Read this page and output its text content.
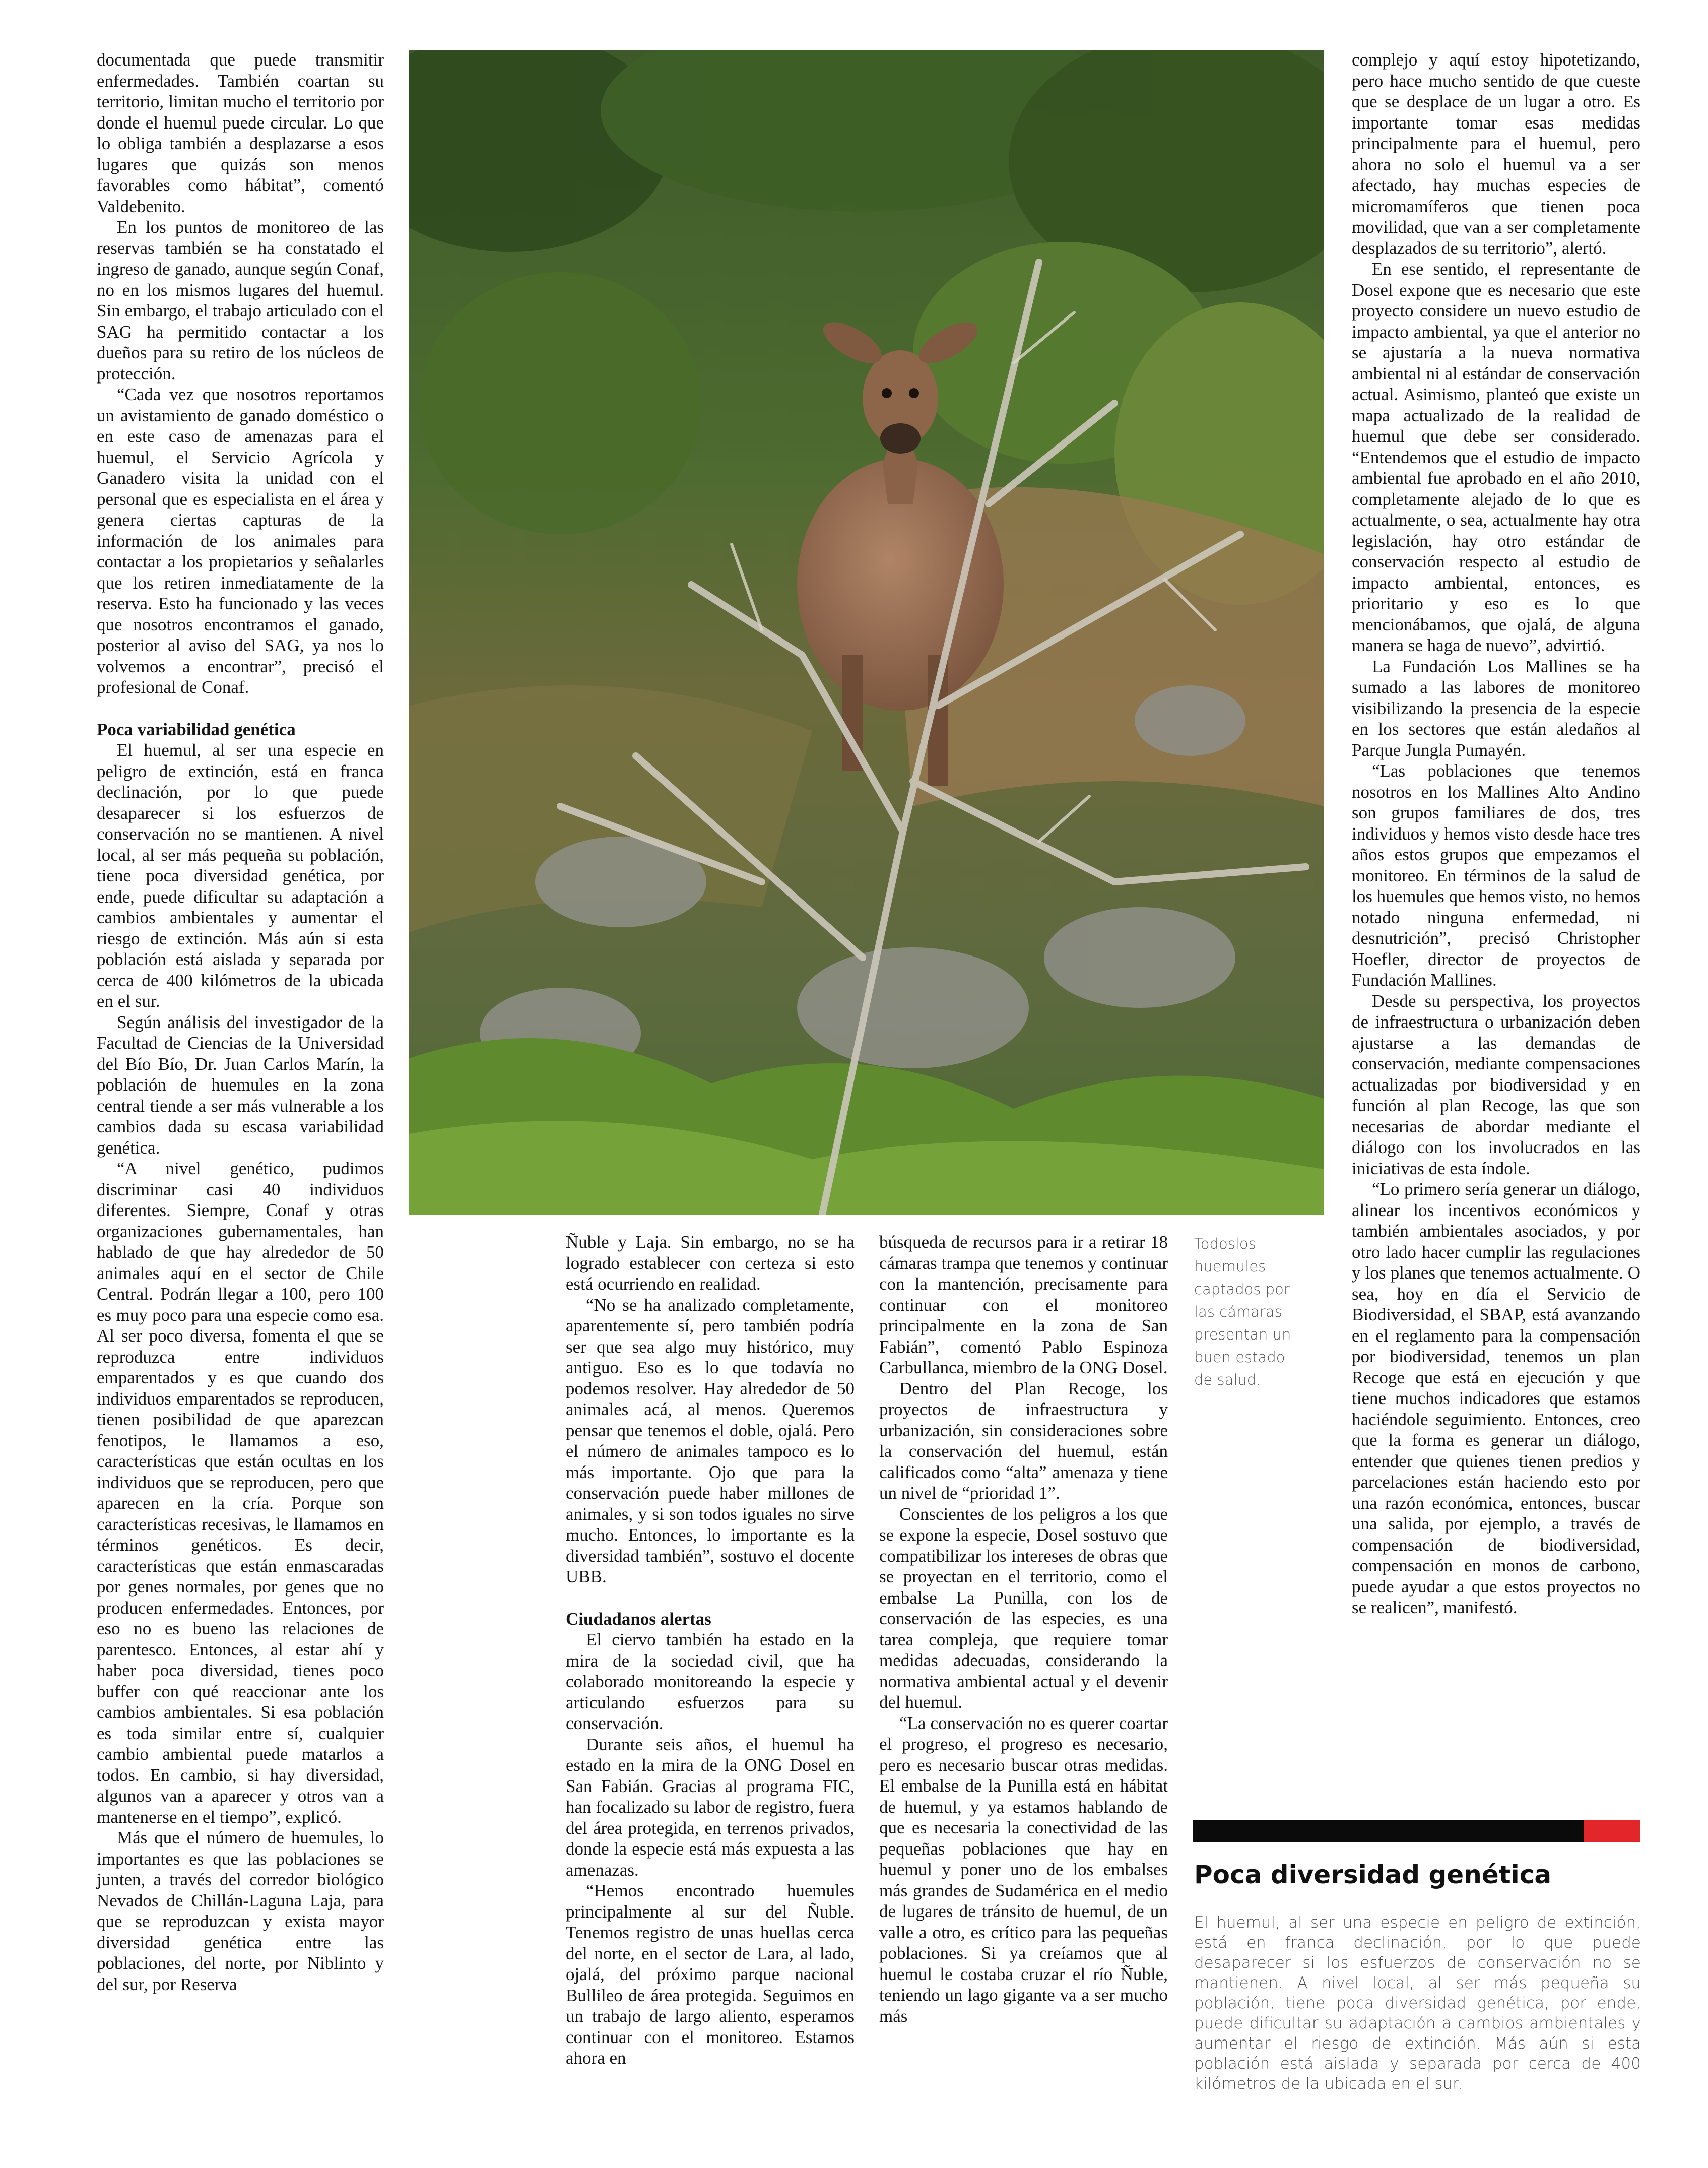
documentada que puede transmitir enfermedades. También coartan su territorio, limitan mucho el territorio por donde el huemul puede circular. Lo que lo obliga también a desplazarse a esos lugares que quizás son menos favorables como hábitat”, comentó Valdebenito.

En los puntos de monitoreo de las reservas también se ha constatado el ingreso de ganado, aunque según Conaf, no en los mismos lugares del huemul. Sin embargo, el trabajo articulado con el SAG ha permitido contactar a los dueños para su retiro de los núcleos de protección.

“Cada vez que nosotros reportamos un avistamiento de ganado doméstico o en este caso de amenazas para el huemul, el Servicio Agrícola y Ganadero visita la unidad con el personal que es especialista en el área y genera ciertas capturas de la información de los animales para contactar a los propietarios y señalarles que los retiren inmediatamente de la reserva. Esto ha funcionado y las veces que nosotros encontramos el ganado, posterior al aviso del SAG, ya nos lo volvemos a encontrar”, precisó el profesional de Conaf.

Poca variabilidad genética

El huemul, al ser una especie en peligro de extinción, está en franca declinación, por lo que puede desaparecer si los esfuerzos de conservación no se mantienen. A nivel local, al ser más pequeña su población, tiene poca diversidad genética, por ende, puede dificultar su adaptación a cambios ambientales y aumentar el riesgo de extinción. Más aún si esta población está aislada y separada por cerca de 400 kilómetros de la ubicada en el sur.

Según análisis del investigador de la Facultad de Ciencias de la Universidad del Bío Bío, Dr. Juan Carlos Marín, la población de huemules en la zona central tiende a ser más vulnerable a los cambios dada su escasa variabilidad genética.

“A nivel genético, pudimos discriminar casi 40 individuos diferentes. Siempre, Conaf y otras organizaciones gubernamentales, han hablado de que hay alrededor de 50 animales aquí en el sector de Chile Central. Podrán llegar a 100, pero 100 es muy poco para una especie como esa. Al ser poco diversa, fomenta el que se reproduzca entre individuos emparentados y es que cuando dos individuos emparentados se reproducen, tienen posibilidad de que aparezcan fenotipos, le llamamos a eso, características que están ocultas en los individuos que se reproducen, pero que aparecen en la cría. Porque son características recesivas, le llamamos en términos genéticos. Es decir, características que están enmascaradas por genes normales, por genes que no producen enfermedades. Entonces, por eso no es bueno las relaciones de parentesco. Entonces, al estar ahí y haber poca diversidad, tienes poco buffer con qué reaccionar ante los cambios ambientales. Si esa población es toda similar entre sí, cualquier cambio ambiental puede matarlos a todos. En cambio, si hay diversidad, algunos van a aparecer y otros van a mantenerse en el tiempo”, explicó.

Más que el número de huemules, lo importantes es que las poblaciones se junten, a través del corredor biológico Nevados de Chillán-Laguna Laja, para que se reproduzcan y exista mayor diversidad genética entre las poblaciones, del norte, por Niblinto y del sur, por Reserva

Todoslos huemules captados por las cámaras presentan un buen estado de salud.

Ñuble y Laja. Sin embargo, no se ha logrado establecer con certeza si esto está ocurriendo en realidad.

“No se ha analizado completamente, aparentemente sí, pero también podría ser que sea algo muy histórico, muy antiguo. Eso es lo que todavía no podemos resolver. Hay alrededor de 50 animales acá, al menos. Queremos pensar que tenemos el doble, ojalá. Pero el número de animales tampoco es lo más importante. Ojo que para la conservación puede haber millones de animales, y si son todos iguales no sirve mucho. Entonces, lo importante es la diversidad también”, sostuvo el docente UBB.

Ciudadanos alertas

El ciervo también ha estado en la mira de la sociedad civil, que ha colaborado monitoreando la especie y articulando esfuerzos para su conservación.

Durante seis años, el huemul ha estado en la mira de la ONG Dosel en San Fabián. Gracias al programa FIC, han focalizado su labor de registro, fuera del área protegida, en terrenos privados, donde la especie está más expuesta a las amenazas.

“Hemos encontrado huemules principalmente al sur del Ñuble. Tenemos registro de unas huellas cerca del norte, en el sector de Lara, al lado, ojalá, del próximo parque nacional Bullileo de área protegida. Seguimos en un trabajo de largo aliento, esperamos continuar con el monitoreo. Estamos ahora en

búsqueda de recursos para ir a retirar 18 cámaras trampa que tenemos y continuar con la mantención, precisamente para continuar con el monitoreo principalmente en la zona de San Fabián”, comentó Pablo Espinoza Carbullanca, miembro de la ONG Dosel.

Dentro del Plan Recoge, los proyectos de infraestructura y urbanización, sin consideraciones sobre la conservación del huemul, están calificados como “alta” amenaza y tiene un nivel de “prioridad 1”.

Conscientes de los peligros a los que se expone la especie, Dosel sostuvo que compatibilizar los intereses de obras que se proyectan en el territorio, como el embalse La Punilla, con los de conservación de las especies, es una tarea compleja, que requiere tomar medidas adecuadas, considerando la normativa ambiental actual y el devenir del huemul.

“La conservación no es querer coartar el progreso, el progreso es necesario, pero es necesario buscar otras medidas. El embalse de la Punilla está en hábitat de huemul, y ya estamos hablando de que es necesaria la conectividad de las pequeñas poblaciones que hay en huemul y poner uno de los embalses más grandes de Sudamérica en el medio de lugares de tránsito de huemul, de un valle a otro, es crítico para las pequeñas poblaciones. Si ya creíamos que al huemul le costaba cruzar el río Ñuble, teniendo un lago gigante va a ser mucho más

complejo y aquí estoy hipotetizando, pero hace mucho sentido de que cueste que se desplace de un lugar a otro. Es importante tomar esas medidas principalmente para el huemul, pero ahora no solo el huemul va a ser afectado, hay muchas especies de micromamíferos que tienen poca movilidad, que van a ser completamente desplazados de su territorio”, alertó.

En ese sentido, el representante de Dosel expone que es necesario que este proyecto considere un nuevo estudio de impacto ambiental, ya que el anterior no se ajustaría a la nueva normativa ambiental ni al estándar de conservación actual. Asimismo, planteó que existe un mapa actualizado de la realidad de huemul que debe ser considerado. “Entendemos que el estudio de impacto ambiental fue aprobado en el año 2010, completamente alejado de lo que es actualmente, o sea, actualmente hay otra legislación, hay otro estándar de conservación respecto al estudio de impacto ambiental, entonces, es prioritario y eso es lo que mencionábamos, que ojalá, de alguna manera se haga de nuevo”, advirtió.

La Fundación Los Mallines se ha sumado a las labores de monitoreo visibilizando la presencia de la especie en los sectores que están aledaños al Parque Jungla Pumayén.

“Las poblaciones que tenemos nosotros en los Mallines Alto Andino son grupos familiares de dos, tres individuos y hemos visto desde hace tres años estos grupos que empezamos el monitoreo. En términos de la salud de los huemules que hemos visto, no hemos notado ninguna enfermedad, ni desnutrición”, precisó Christopher Hoefler, director de proyectos de Fundación Mallines.

Desde su perspectiva, los proyectos de infraestructura o urbanización deben ajustarse a las demandas de conservación, mediante compensaciones actualizadas por biodiversidad y en función al plan Recoge, las que son necesarias de abordar mediante el diálogo con los involucrados en las iniciativas de esta índole.

“Lo primero sería generar un diálogo, alinear los incentivos económicos y también ambientales asociados, y por otro lado hacer cumplir las regulaciones y los planes que tenemos actualmente. O sea, hoy en día el Servicio de Biodiversidad, el SBAP, está avanzando en el reglamento para la compensación por biodiversidad, tenemos un plan Recoge que está en ejecución y que tiene muchos indicadores que estamos haciéndole seguimiento. Entonces, creo que la forma es generar un diálogo, entender que quienes tienen predios y parcelaciones están haciendo esto por una razón económica, entonces, buscar una salida, por ejemplo, a través de compensación de biodiversidad, compensación en monos de carbono, puede ayudar a que estos proyectos no se realicen”, manifestó.

Poca diversidad genética
El huemul, al ser una especie en peligro de extinción, está en franca declinación, por lo que puede desaparecer si los esfuerzos de conservación no se mantienen. A nivel local, al ser más pequeña su población, tiene poca diversidad genética, por ende, puede dificultar su adaptación a cambios ambientales y aumentar el riesgo de extinción. Más aún si esta población está aislada y separada por cerca de 400 kilómetros de la ubicada en el sur.
